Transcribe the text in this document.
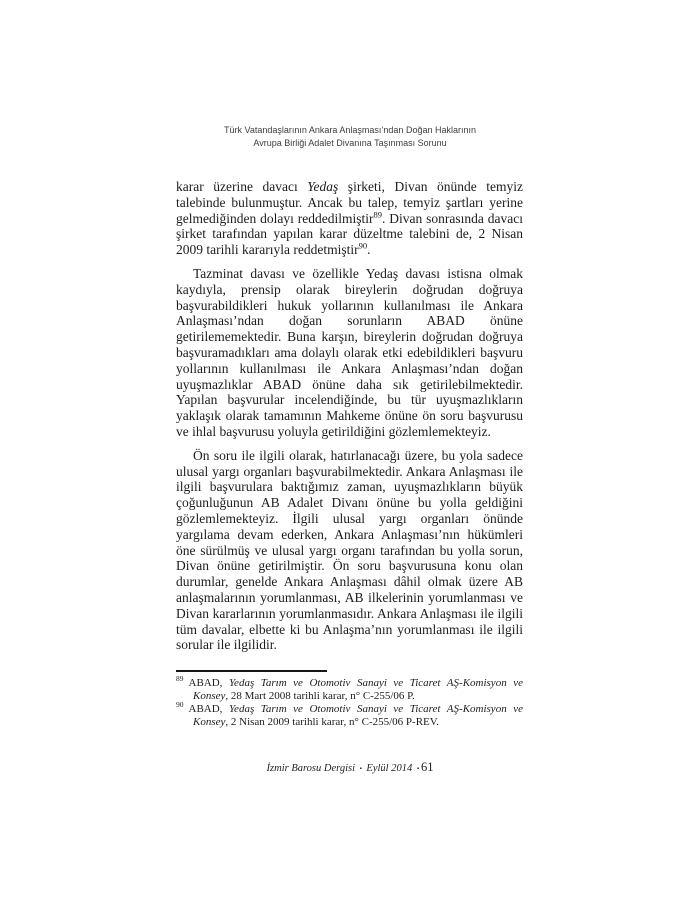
Türk Vatandaşlarının Ankara Anlaşması’ndan Doğan Haklarının
Avrupa Birliği Adalet Divanına Taşınması Sorunu

karar üzerine davacı Yedaş şirketi, Divan önünde temyiz talebinde bulunmuştur. Ancak bu talep, temyiz şartları yerine gelmediğinden dolayı reddedilmiştir$^{89}$. Divan sonrasında davacı şirket tarafından yapılan karar düzeltme talebini de, 2 Nisan 2009 tarihli kararıyla reddetmiştir$^{90}$.

Tazminat davası ve özellikle Yedaş davası istisna olmak kaydıyla, prensip olarak bireylerin doğrudan doğruya başvurabildikleri hukuk yollarının kullanılması ile Ankara Anlaşması’ndan doğan sorunların ABAD önüne getirilememektedir. Buna karşın, bireylerin doğrudan doğruya başvuramadıkları ama dolaylı olarak etki edebildikleri başvuru yollarının kullanılması ile Ankara Anlaşması’ndan doğan uyuşmazlıklar ABAD önüne daha sık getirilebilmektedir. Yapılan başvurular incelendiğinde, bu tür uyuşmazlıkların yaklaşık olarak tamamının Mahkeme önüne ön soru başvurusu ve ihlal başvurusu yoluyla getirildiğini gözlemlemekteyiz.

Ön soru ile ilgili olarak, hatırlanacağı üzere, bu yola sadece ulusal yargı organları başvurabilmektedir. Ankara Anlaşması ile ilgili başvurulara baktığımız zaman, uyuşmazlıkların büyük çoğunluğunun AB Adalet Divanı önüne bu yolla geldiğini gözlemlemekteyiz. İlgili ulusal yargı organları önünde yargılama devam ederken, Ankara Anlaşması’nın hükümleri öne sürülmüş ve ulusal yargı organı tarafından bu yolla sorun, Divan önüne getirilmiştir. Ön soru başvurusuna konu olan durumlar, genelde Ankara Anlaşması dâhil olmak üzere AB anlaşmalarının yorumlanması, AB ilkelerinin yorumlanması ve Divan kararlarının yorumlanmasıdır. Ankara Anlaşması ile ilgili tüm davalar, elbette ki bu Anlaşma’nın yorumlanması ile ilgili sorular ile ilgilidir.

$^{89}$ ABAD, Yedaş Tarım ve Otomotiv Sanayi ve Ticaret AŞ-Komisyon ve Konsey, 28 Mart 2008 tarihli karar, n° C-255/06 P.

$^{90}$ ABAD, Yedaş Tarım ve Otomotiv Sanayi ve Ticaret AŞ-Komisyon ve Konsey, 2 Nisan 2009 tarihli karar, n° C-255/06 P-REV.

İzmir Barosu Dergisi ▪ Eylül 2014 ▪ 61
